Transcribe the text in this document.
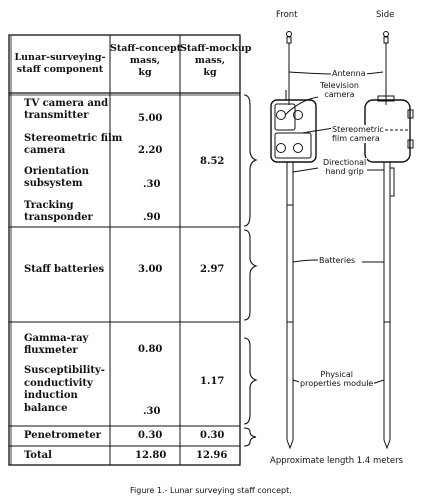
Lunar-surveying-
staff component
Staff-concept
mass,
kg
Staff-mockup
mass,
kg
TV camera and
transmitter
Stereometric film
camera
Orientation
subsystem
Tracking
transponder
Staff batteries
Gamma-ray
fluxmeter
Susceptibility-
conductivity
induction
balance
Penetrometer
Total
5.00
2.20
.30
.90
3.00
0.80
.30
0.30
12.80
8.52
2.97
1.17
0.30
12.96
Front	Side
Antenna
Television
camera
Stereometric
film camera
Directional
hand grip
Batteries
Physical
properties module
Approximate length 1.4 meters
Figure 1.- Lunar surveying staff concept.
